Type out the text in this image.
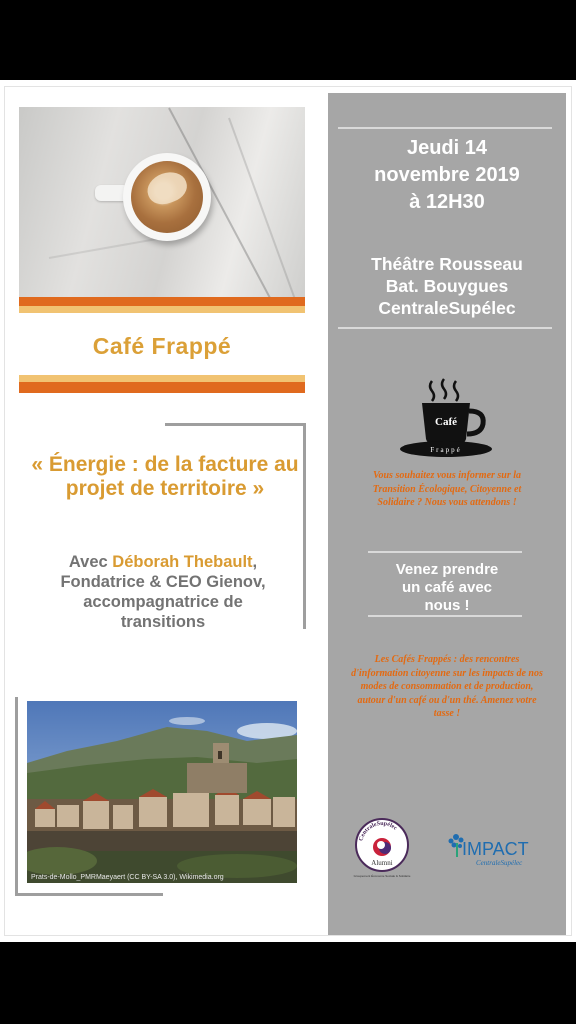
Café Frappé
« Énergie : de la facture au projet de territoire »
Avec Déborah Thebault,
Fondatrice & CEO Gienov,
accompagnatrice de
transitions
Prats-de-Mollo_PMRMaeyaert (CC BY-SA 3.0), Wikimedia.org
Jeudi 14
novembre 2019
à 12H30
Théâtre Rousseau
Bat. Bouygues
CentraleSupélec
Café
Frappé
Vous souhaitez vous informer sur la Transition Écologique, Citoyenne et Solidaire ? Nous vous attendons !
Venez prendre
un café avec
nous !
Les Cafés Frappés : des rencontres d'information citoyenne sur les impacts de nos modes de consommation et de production, autour d'un café ou d'un thé. Amenez votre tasse !
CentraleSupélec
Alumni
Groupement Économie Sociale & Solidaire
IMPACT
CentraleSupélec
